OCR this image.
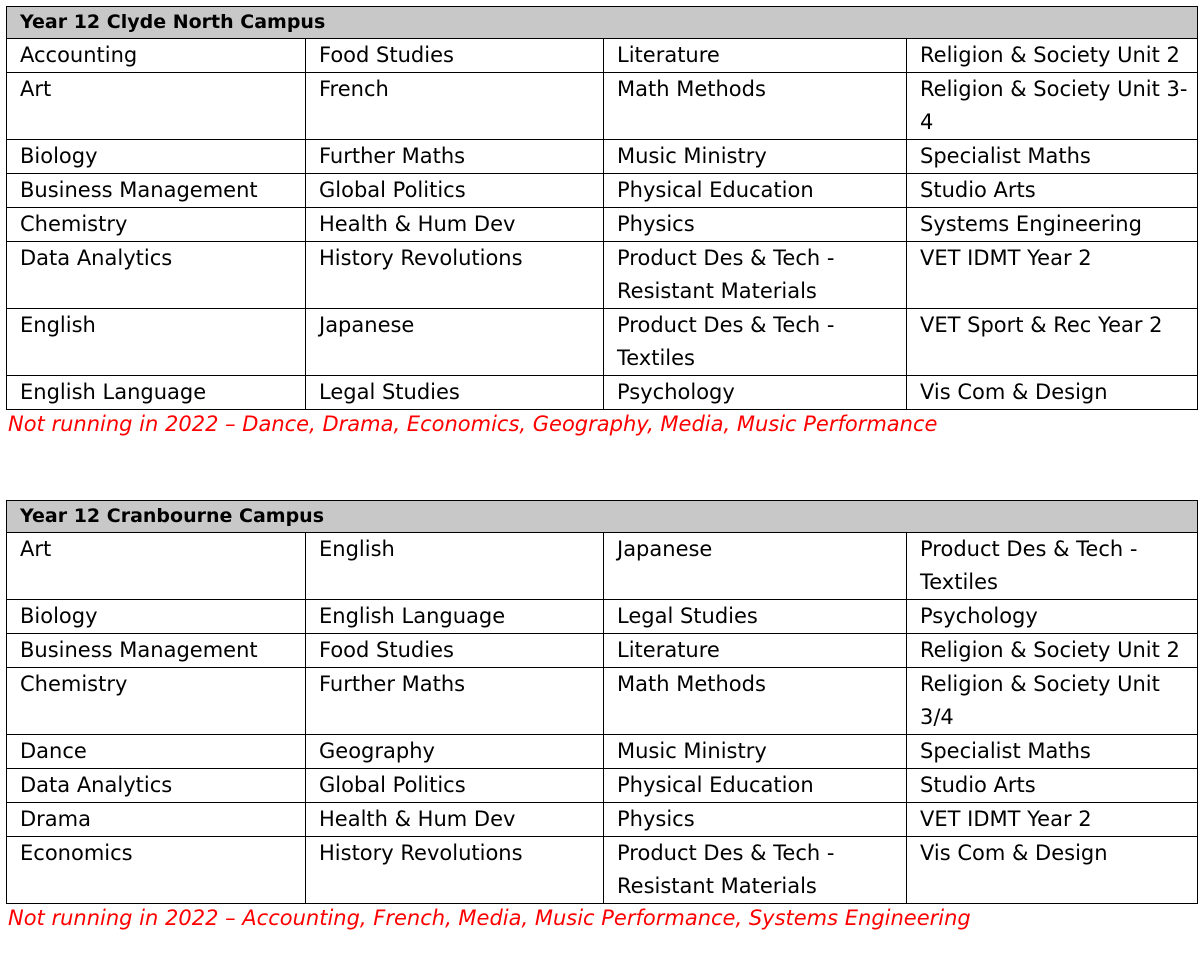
Year 12 Clyde North Campus			
Accounting	Food Studies	Literature	Religion & Society Unit 2
Art	French	Math Methods	Religion & Society Unit 3-4
Biology	Further Maths	Music Ministry	Specialist Maths
Business Management	Global Politics	Physical Education	Studio Arts
Chemistry	Health & Hum Dev	Physics	Systems Engineering
Data Analytics	History Revolutions	Product Des & Tech - Resistant Materials	VET IDMT Year 2
English	Japanese	Product Des & Tech - Textiles	VET Sport & Rec Year 2
English Language	Legal Studies	Psychology	Vis Com & Design
Not running in 2022 – Dance, Drama, Economics, Geography, Media, Music Performance
Year 12 Cranbourne Campus			
Art	English	Japanese	Product Des & Tech - Textiles
Biology	English Language	Legal Studies	Psychology
Business Management	Food Studies	Literature	Religion & Society Unit 2
Chemistry	Further Maths	Math Methods	Religion & Society Unit 3/4
Dance	Geography	Music Ministry	Specialist Maths
Data Analytics	Global Politics	Physical Education	Studio Arts
Drama	Health & Hum Dev	Physics	VET IDMT Year 2
Economics	History Revolutions	Product Des & Tech - Resistant Materials	Vis Com & Design
Not running in 2022 – Accounting, French, Media, Music Performance, Systems Engineering
